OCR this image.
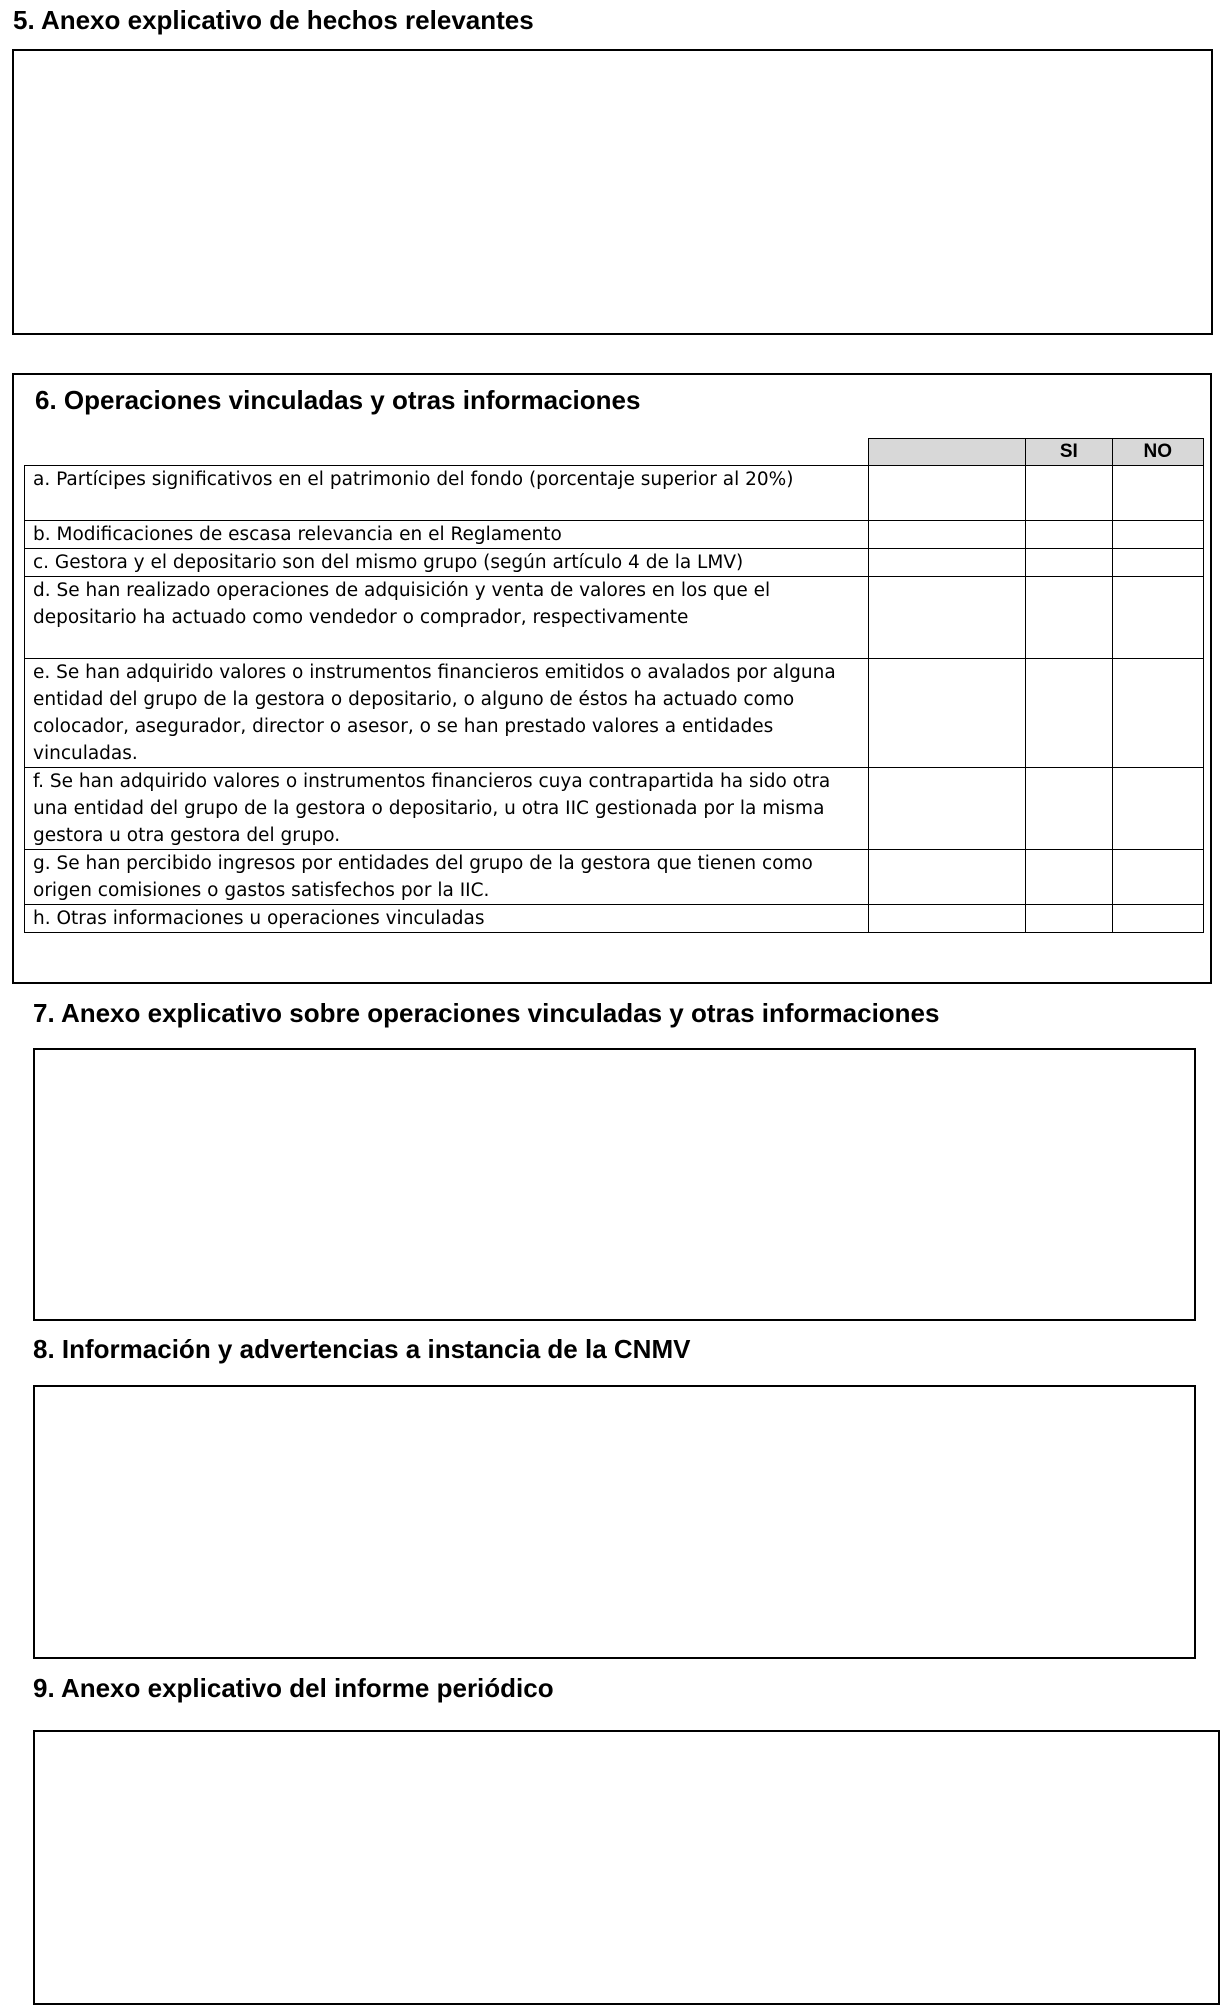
5. Anexo explicativo de hechos relevantes
6. Operaciones vinculadas y otras informaciones
		SI	NO
a. Partícipes significativos en el patrimonio del fondo (porcentaje superior al 20%)			
b. Modificaciones de escasa relevancia en el Reglamento			
c. Gestora y el depositario son del mismo grupo (según artículo 4 de la LMV)			
d. Se han realizado operaciones de adquisición y venta de valores en los que el depositario ha actuado como vendedor o comprador, respectivamente			
e. Se han adquirido valores o instrumentos financieros emitidos o avalados por alguna entidad del grupo de la gestora o depositario, o alguno de éstos ha actuado como colocador, asegurador, director o asesor, o se han prestado valores a entidades vinculadas.			
f. Se han adquirido valores o instrumentos financieros cuya contrapartida ha sido otra una entidad del grupo de la gestora o depositario, u otra IIC gestionada por la misma gestora u otra gestora del grupo.			
g. Se han percibido ingresos por entidades del grupo de la gestora que tienen como origen comisiones o gastos satisfechos por la IIC.			
h. Otras informaciones u operaciones vinculadas			
7. Anexo explicativo sobre operaciones vinculadas y otras informaciones
8. Información y advertencias a instancia de la CNMV
9. Anexo explicativo del informe periódico
